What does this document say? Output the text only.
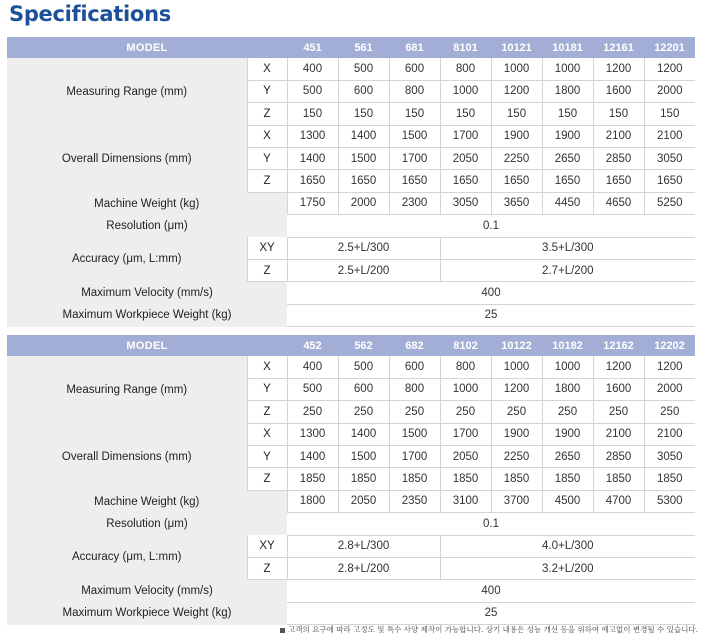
Specifications
MODEL		451	561	681	8101	10121	10181	12161	12201
Measuring Range (mm)	X	400	500	600	800	1000	1000	1200	1200
	Y	500	600	800	1000	1200	1800	1600	2000
	Z	150	150	150	150	150	150	150	150
Overall Dimensions (mm)	X	1300	1400	1500	1700	1900	1900	2100	2100
	Y	1400	1500	1700	2050	2250	2650	2850	3050
	Z	1650	1650	1650	1650	1650	1650	1650	1650
Machine Weight (kg)		1750	2000	2300	3050	3650	4450	4650	5250
Resolution (μm)		0.1							
Accuracy (μm, L:mm)	XY	2.5+L/300			3.5+L/300				
	Z	2.5+L/200			2.7+L/200				
Maximum Velocity (mm/s)		400							
Maximum Workpiece Weight (kg)		25							
MODEL		452	562	682	8102	10122	10182	12162	12202
Measuring Range (mm)	X	400	500	600	800	1000	1000	1200	1200
	Y	500	600	800	1000	1200	1800	1600	2000
	Z	250	250	250	250	250	250	250	250
Overall Dimensions (mm)	X	1300	1400	1500	1700	1900	1900	2100	2100
	Y	1400	1500	1700	2050	2250	2650	2850	3050
	Z	1850	1850	1850	1850	1850	1850	1850	1850
Machine Weight (kg)		1800	2050	2350	3100	3700	4500	4700	5300
Resolution (μm)		0.1							
Accuracy (μm, L:mm)	XY	2.8+L/300			4.0+L/300				
	Z	2.8+L/200			3.2+L/200				
Maximum Velocity (mm/s)		400							
Maximum Workpiece Weight (kg)		25							
고객의 요구에 따라 고정도 및 특수 사양 제작이 가능합니다. 상기 내용은 성능 개선 등을 위하여 예고없이 변경될 수 있습니다.
